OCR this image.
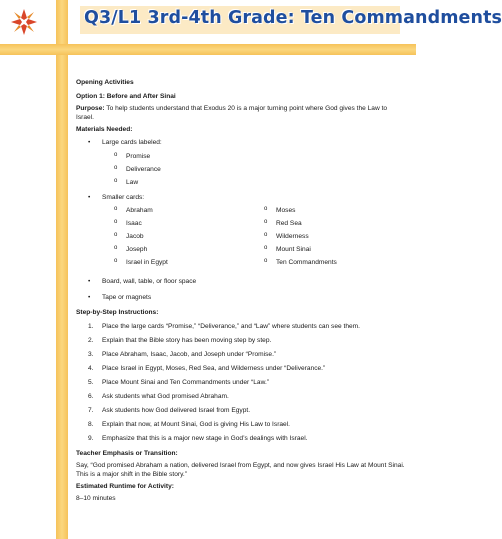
Q3/L1 3rd-4th Grade: Ten Commandments

Opening Activities

Option 1: Before and After Sinai

Purpose: To help students understand that Exodus 20 is a major turning point where God gives the Law to Israel.

Materials Needed:

• Large cards labeled:
o Promise
o Deliverance
o Law
• Smaller cards:
o Abraham
o Isaac
o Jacob
o Joseph
o Israel in Egypt
o Moses
o Red Sea
o Wilderness
o Mount Sinai
o Ten Commandments
• Board, wall, table, or floor space
• Tape or magnets

Step-by-Step Instructions:

1. Place the large cards “Promise,” “Deliverance,” and “Law” where students can see them.
2. Explain that the Bible story has been moving step by step.
3. Place Abraham, Isaac, Jacob, and Joseph under “Promise.”
4. Place Israel in Egypt, Moses, Red Sea, and Wilderness under “Deliverance.”
5. Place Mount Sinai and Ten Commandments under “Law.”
6. Ask students what God promised Abraham.
7. Ask students how God delivered Israel from Egypt.
8. Explain that now, at Mount Sinai, God is giving His Law to Israel.
9. Emphasize that this is a major new stage in God’s dealings with Israel.

Teacher Emphasis or Transition:

Say, “God promised Abraham a nation, delivered Israel from Egypt, and now gives Israel His Law at Mount Sinai. This is a major shift in the Bible story.”

Estimated Runtime for Activity:

8–10 minutes
